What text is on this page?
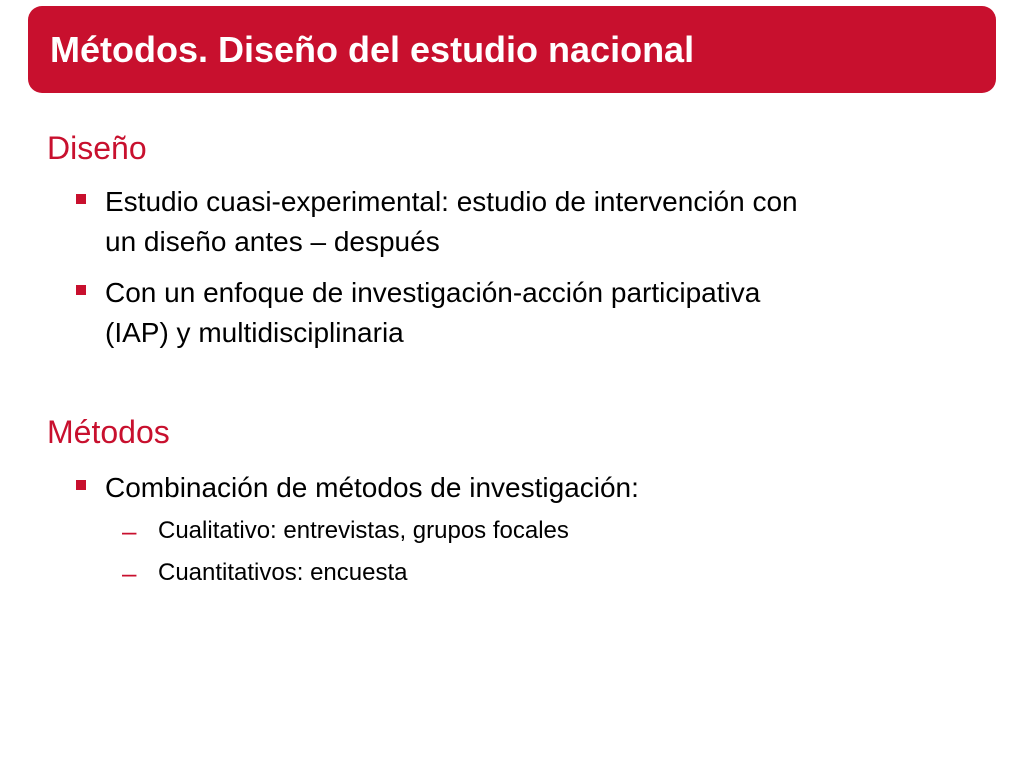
Métodos. Diseño del estudio nacional
Diseño
Estudio cuasi-experimental: estudio de intervención con
un diseño antes – después
Con un enfoque de investigación-acción participativa
(IAP) y multidisciplinaria
Métodos
Combinación de métodos de investigación:
– Cualitativo: entrevistas, grupos focales
– Cuantitativos: encuesta
